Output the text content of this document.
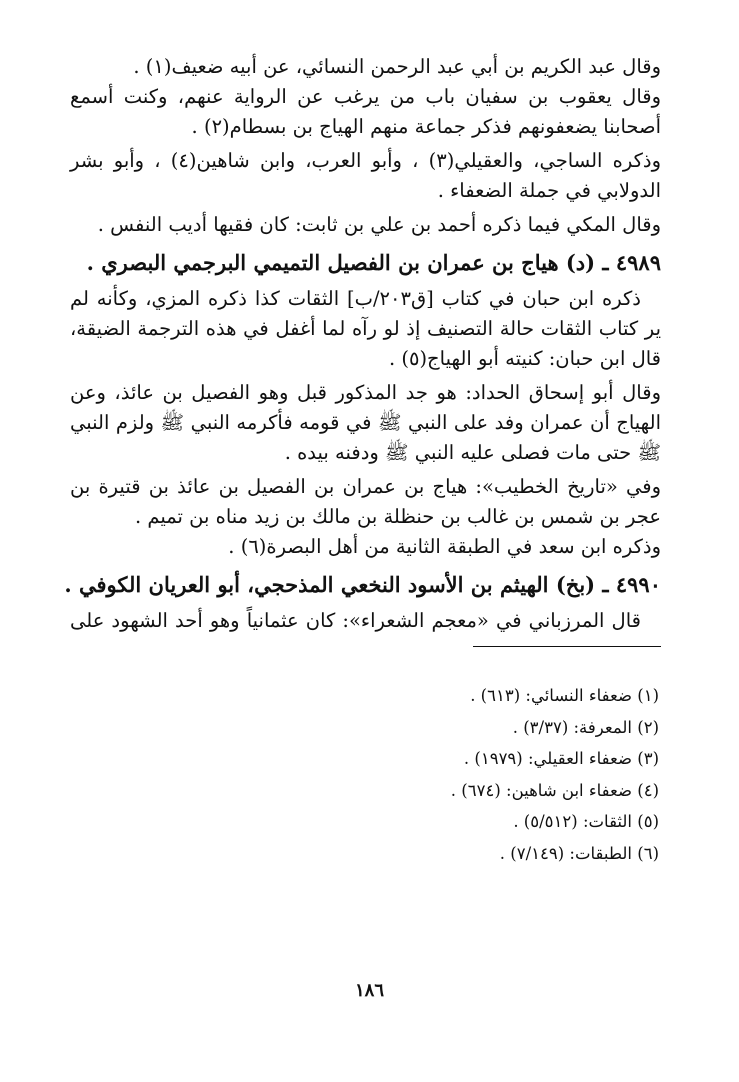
وقال عبد الكريم بن أبي عبد الرحمن النسائي، عن أبيه ضعيف(١) .

وقال يعقوب بن سفيان باب من يرغب عن الرواية عنهم، وكنت أسمع

أصحابنا يضعفونهم فذكر جماعة منهم الهياج بن بسطام(٢) .

وذكره الساجي، والعقيلي(٣) ، وأبو العرب، وابن شاهين(٤) ، وأبو بشر

الدولابي في جملة الضعفاء .

وقال المكي فيما ذكره أحمد بن علي بن ثابت: كان فقيها أديب النفس .

٤٩٨٩ ـ (د) هياج بن عمران بن الفصيل التميمي البرجمي البصري .

ذكره ابن حبان في كتاب [ق٢٠٣/ب] الثقات كذا ذكره المزي، وكأنه لم

ير كتاب الثقات حالة التصنيف إذ لو رآه لما أغفل في هذه الترجمة الضيقة،

قال ابن حبان: كنيته أبو الهياج(٥) .

وقال أبو إسحاق الحداد: هو جد المذكور قبل وهو الفصيل بن عائذ، وعن

الهياج أن عمران وفد على النبي ﷺ في قومه فأكرمه النبي ﷺ ولزم النبي

ﷺ حتى مات فصلى عليه النبي ﷺ ودفنه بيده .

وفي «تاريخ الخطيب»: هياج بن عمران بن الفصيل بن عائذ بن قتيرة بن

عجر بن شمس بن غالب بن حنظلة بن مالك بن زيد مناه بن تميم .

وذكره ابن سعد في الطبقة الثانية من أهل البصرة(٦) .

٤٩٩٠ ـ (بخ) الهيثم بن الأسود النخعي المذحجي، أبو العريان الكوفي .

قال المرزباني في «معجم الشعراء»: كان عثمانياً وهو أحد الشهود على

(١) ضعفاء النسائي: (٦١٣) .

(٢) المعرفة: (٣/٣٧) .

(٣) ضعفاء العقيلي: (١٩٧٩) .

(٤) ضعفاء ابن شاهين: (٦٧٤) .

(٥) الثقات: (٥/٥١٢) .

(٦) الطبقات: (٧/١٤٩) .

١٨٦
